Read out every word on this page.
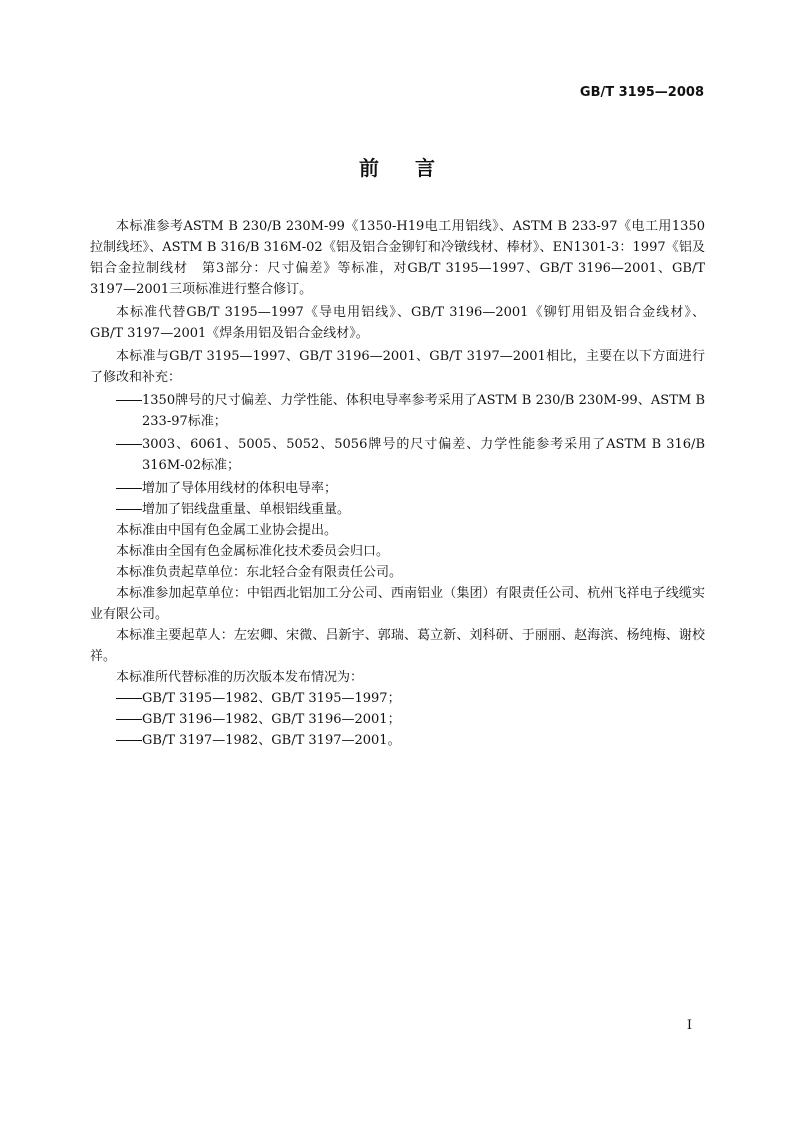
GB/T 3195—2008
前言

本标准参考ASTM B 230/B 230M-99《1350-H19电工用铝线》、ASTM B 233-97《电工用1350拉制线坯》、ASTM B 316/B 316M-02《铝及铝合金铆钉和冷镦线材、棒材》、EN1301-3：1997《铝及铝合金拉制线材　第3部分：尺寸偏差》等标准，对GB/T 3195—1997、GB/T 3196—2001、GB/T 3197—2001三项标准进行整合修订。

本标准代替GB/T 3195—1997《导电用铝线》、GB/T 3196—2001《铆钉用铝及铝合金线材》、GB/T 3197—2001《焊条用铝及铝合金线材》。

本标准与GB/T 3195—1997、GB/T 3196—2001、GB/T 3197—2001相比，主要在以下方面进行了修改和补充：

1350牌号的尺寸偏差、力学性能、体积电导率参考采用了ASTM B 230/B 230M-99、ASTM B 233-97标准；

3003、6061、5005、5052、5056牌号的尺寸偏差、力学性能参考采用了ASTM B 316/B 316M-02标准；

增加了导体用线材的体积电导率；

增加了铝线盘重量、单根铝线重量。

本标准由中国有色金属工业协会提出。

本标准由全国有色金属标准化技术委员会归口。

本标准负责起草单位：东北轻合金有限责任公司。

本标准参加起草单位：中铝西北铝加工分公司、西南铝业（集团）有限责任公司、杭州飞祥电子线缆实业有限公司。

本标准主要起草人：左宏卿、宋微、吕新宇、郭瑞、葛立新、刘科研、于丽丽、赵海滨、杨纯梅、谢校祥。

本标准所代替标准的历次版本发布情况为：

GB/T 3195—1982、GB/T 3195—1997；

GB/T 3196—1982、GB/T 3196—2001；

GB/T 3197—1982、GB/T 3197—2001。

I
